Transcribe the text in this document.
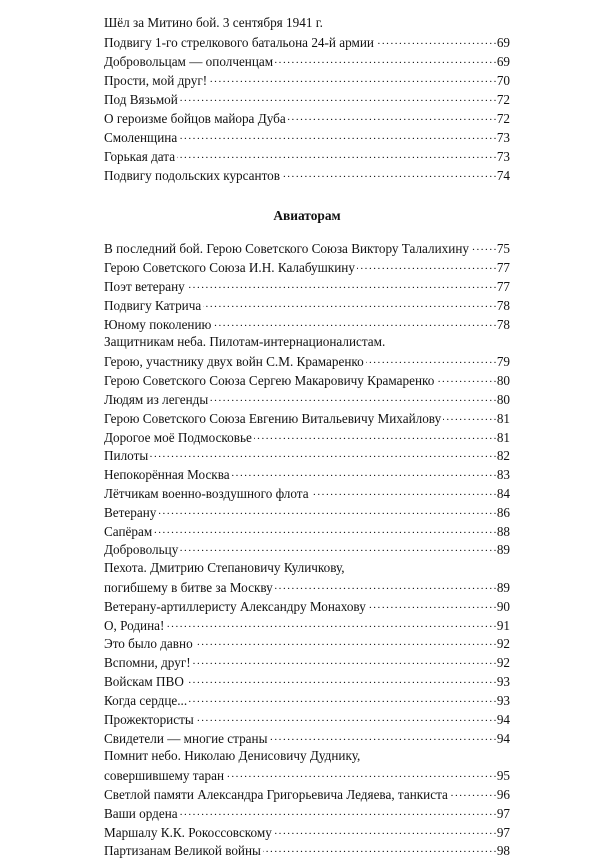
Шёл за Митино бой. 3 сентября 1941 г.
Подвигу 1-го стрелкового батальона 24-й армии . . .	69
Добровольцам — ополченцам . . .	69
Прости, мой друг! . . .	70
Под Вязьмой . . .	72
О героизме бойцов майора Дуба . . .	72
Смоленщина . . .	73
Горькая дата . . .	73
Подвигу подольских курсантов . . .	74
Авиаторам
В последний бой. Герою Советского Союза Виктору Талалихину . . . 75
Герою Советского Союза И.Н. Калабушкину . . .	77
Поэт ветерану . . .	77
Подвигу Катрича . . .	78
Юному поколению . . .	78
Защитникам неба. Пилотам-интернационалистам.
Герою, участнику двух войн С.М. Крамаренко . . .	79
Герою Советского Союза Сергею Макаровичу Крамаренко . . .	80
Людям из легенды . . .	80
Герою Советского Союза Евгению Витальевичу Михайлову . . .	81
Дорогое моё Подмосковье . . .	81
Пилоты . . .	82
Непокорённая Москва . . .	83
Лётчикам военно-воздушного флота . . .	84
Ветерану . . .	86
Сапёрам . . .	88
Добровольцу . . .	89
Пехота. Дмитрию Степановичу Куличкову,
погибшему в битве за Москву . . .	89
Ветерану-артиллеристу Александру Монахову . . .	90
О, Родина! . . .	91
Это было давно . . .	92
Вспомни, друг! . . .	92
Войскам ПВО . . .	93
Когда сердце... . . .	93
Прожектористы . . .	94
Свидетели — многие страны . . .	94
Помнит небо. Николаю Денисовичу Дуднику,
совершившему таран . . .	95
Светлой памяти Александра Григорьевича Ледяева, танкиста . . .	96
Ваши ордена . . .	97
Маршалу К.К. Рокоссовскому . . .	97
Партизанам Великой войны . . .	98
